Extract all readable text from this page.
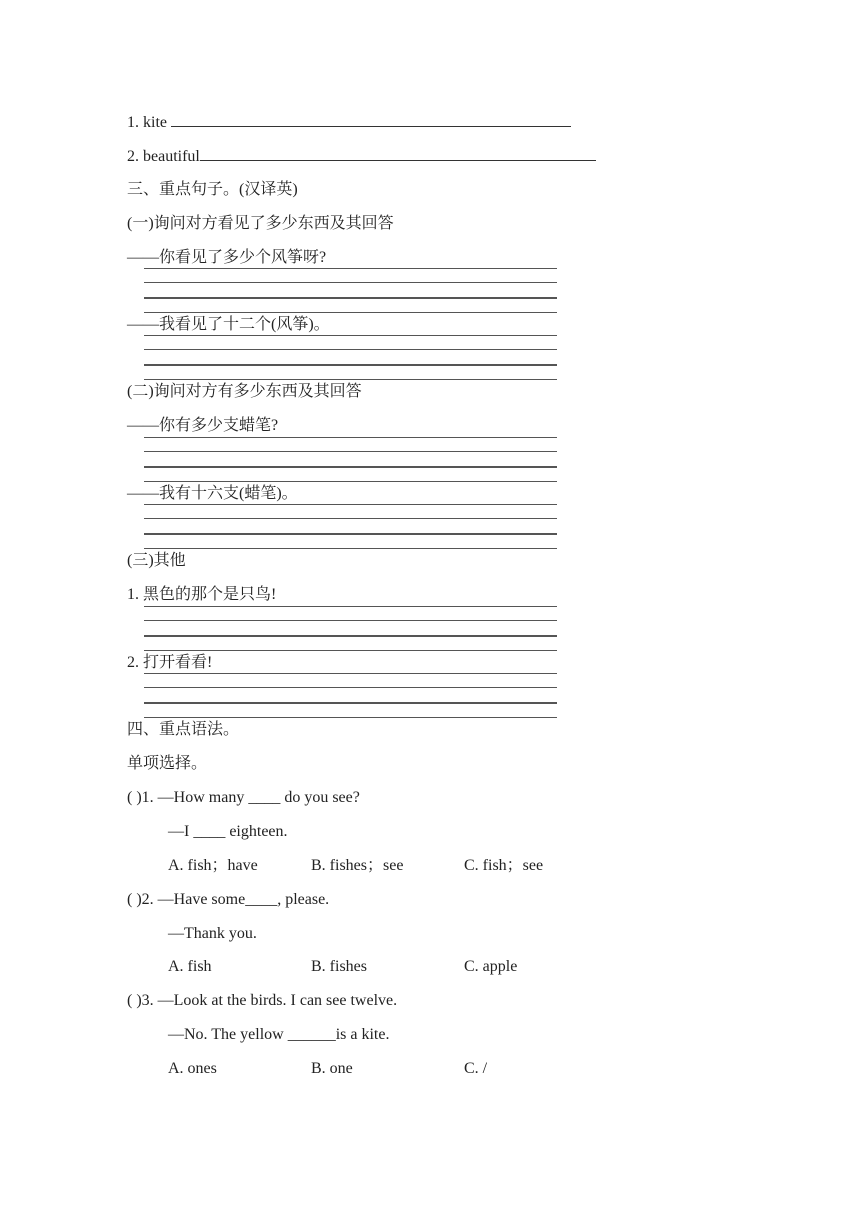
1. kite
2. beautiful
三、重点句子。(汉译英)
(一)询问对方看见了多少东西及其回答
——你看见了多少个风筝呀?
——我看见了十二个(风筝)。
(二)询问对方有多少东西及其回答
——你有多少支蜡笔?
——我有十六支(蜡笔)。
(三)其他
1. 黑色的那个是只鸟!
2. 打开看看!
四、重点语法。
单项选择。
( )1. —How many ____ do you see?
—I ____ eighteen.
A. fish；have	B. fishes；see	C. fish；see
( )2. —Have some____, please.
—Thank you.
A. fish	B. fishes	C. apple
( )3. —Look at the birds. I can see twelve.
—No. The yellow ______is a kite.
A. ones	B. one	C. /
